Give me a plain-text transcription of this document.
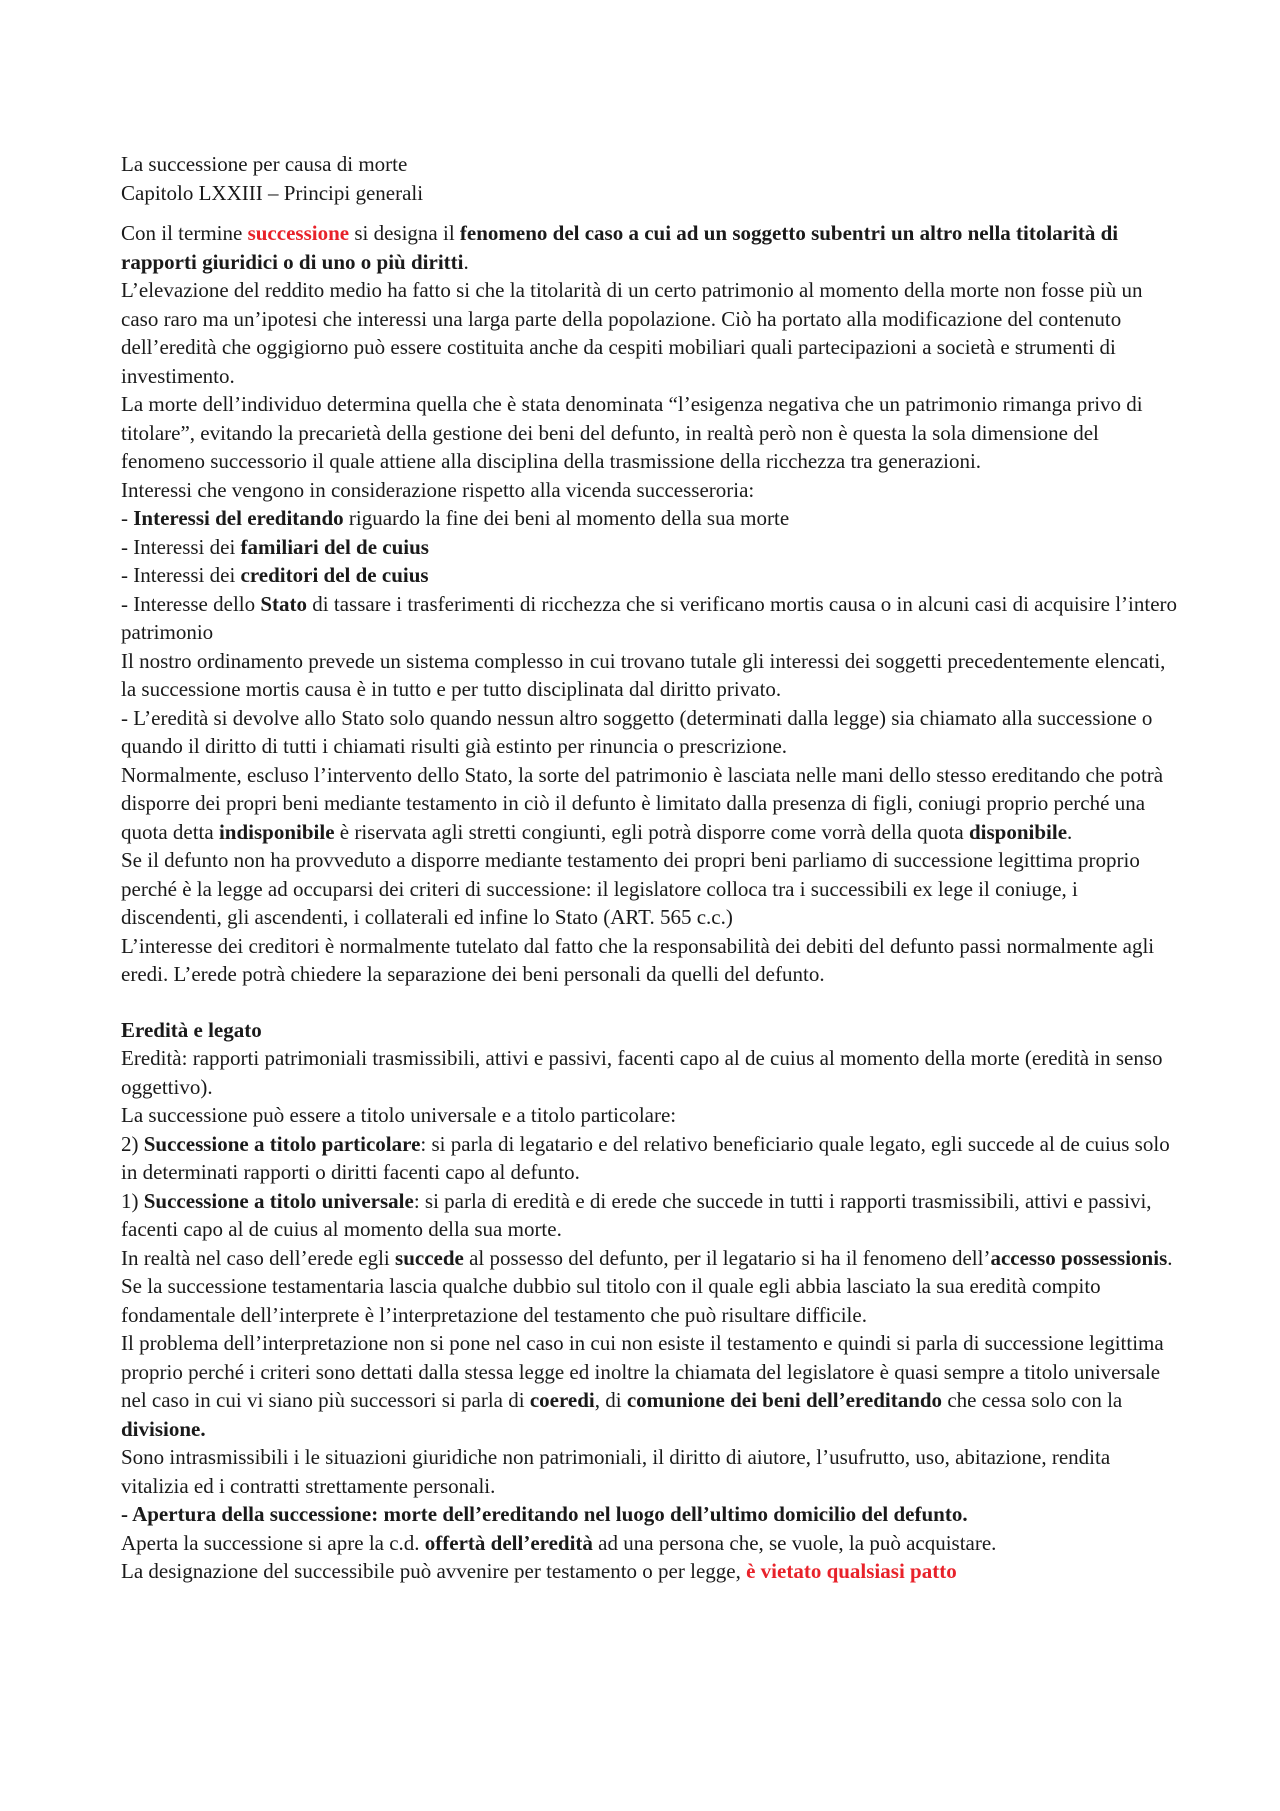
La successione per causa di morte

Capitolo LXXIII – Principi generali

Con il termine successione si designa il fenomeno del caso a cui ad un soggetto subentri un altro nella titolarità di rapporti giuridici o di uno o più diritti.

L’elevazione del reddito medio ha fatto si che la titolarità di un certo patrimonio al momento della morte non fosse più un caso raro ma un’ipotesi che interessi una larga parte della popolazione. Ciò ha portato alla modificazione del contenuto dell’eredità che oggigiorno può essere costituita anche da cespiti mobiliari quali partecipazioni a società e strumenti di investimento.

La morte dell’individuo determina quella che è stata denominata “l’esigenza negativa che un patrimonio rimanga privo di titolare”, evitando la precarietà della gestione dei beni del defunto, in realtà però non è questa la sola dimensione del fenomeno successorio il quale attiene alla disciplina della trasmissione della ricchezza tra generazioni.

Interessi che vengono in considerazione rispetto alla vicenda successeroria:

- Interessi del ereditando riguardo la fine dei beni al momento della sua morte

- Interessi dei familiari del de cuius

- Interessi dei creditori del de cuius

- Interesse dello Stato di tassare i trasferimenti di ricchezza che si verificano mortis causa o in alcuni casi di acquisire l’intero patrimonio

Il nostro ordinamento prevede un sistema complesso in cui trovano tutale gli interessi dei soggetti precedentemente elencati, la successione mortis causa è in tutto e per tutto disciplinata dal diritto privato.

- L’eredità si devolve allo Stato solo quando nessun altro soggetto (determinati dalla legge) sia chiamato alla successione o quando il diritto di tutti i chiamati risulti già estinto per rinuncia o prescrizione.

Normalmente, escluso l’intervento dello Stato, la sorte del patrimonio è lasciata nelle mani dello stesso ereditando che potrà disporre dei propri beni mediante testamento in ciò il defunto è limitato dalla presenza di figli, coniugi proprio perché una quota detta indisponibile è riservata agli stretti congiunti, egli potrà disporre come vorrà della quota disponibile.

Se il defunto non ha provveduto a disporre mediante testamento dei propri beni parliamo di successione legittima proprio perché è la legge ad occuparsi dei criteri di successione: il legislatore colloca tra i successibili ex lege il coniuge, i discendenti, gli ascendenti, i collaterali ed infine lo Stato (ART. 565 c.c.)

L’interesse dei creditori è normalmente tutelato dal fatto che la responsabilità dei debiti del defunto passi normalmente agli eredi. L’erede potrà chiedere la separazione dei beni personali da quelli del defunto.

Eredità e legato

Eredità: rapporti patrimoniali trasmissibili, attivi e passivi, facenti capo al de cuius al momento della morte (eredità in senso oggettivo).

La successione può essere a titolo universale e a titolo particolare:

2) Successione a titolo particolare: si parla di legatario e del relativo beneficiario quale legato, egli succede al de cuius solo in determinati rapporti o diritti facenti capo al defunto.

1) Successione a titolo universale: si parla di eredità e di erede che succede in tutti i rapporti trasmissibili, attivi e passivi, facenti capo al de cuius al momento della sua morte.

In realtà nel caso dell’erede egli succede al possesso del defunto, per il legatario si ha il fenomeno dell’accesso possessionis.

Se la successione testamentaria lascia qualche dubbio sul titolo con il quale egli abbia lasciato la sua eredità compito fondamentale dell’interprete è l’interpretazione del testamento che può risultare difficile.

Il problema dell’interpretazione non si pone nel caso in cui non esiste il testamento e quindi si parla di successione legittima proprio perché i criteri sono dettati dalla stessa legge ed inoltre la chiamata del legislatore è quasi sempre a titolo universale nel caso in cui vi siano più successori si parla di coeredi, di comunione dei beni dell’ereditando che cessa solo con la divisione.

Sono intrasmissibili i le situazioni giuridiche non patrimoniali, il diritto di aiutore, l’usufrutto, uso, abitazione, rendita vitalizia ed i contratti strettamente personali.

- Apertura della successione: morte dell’ereditando nel luogo dell’ultimo domicilio del defunto.

Aperta la successione si apre la c.d. offertà dell’eredità ad una persona che, se vuole, la può acquistare.

La designazione del successibile può avvenire per testamento o per legge, è vietato qualsiasi patto
